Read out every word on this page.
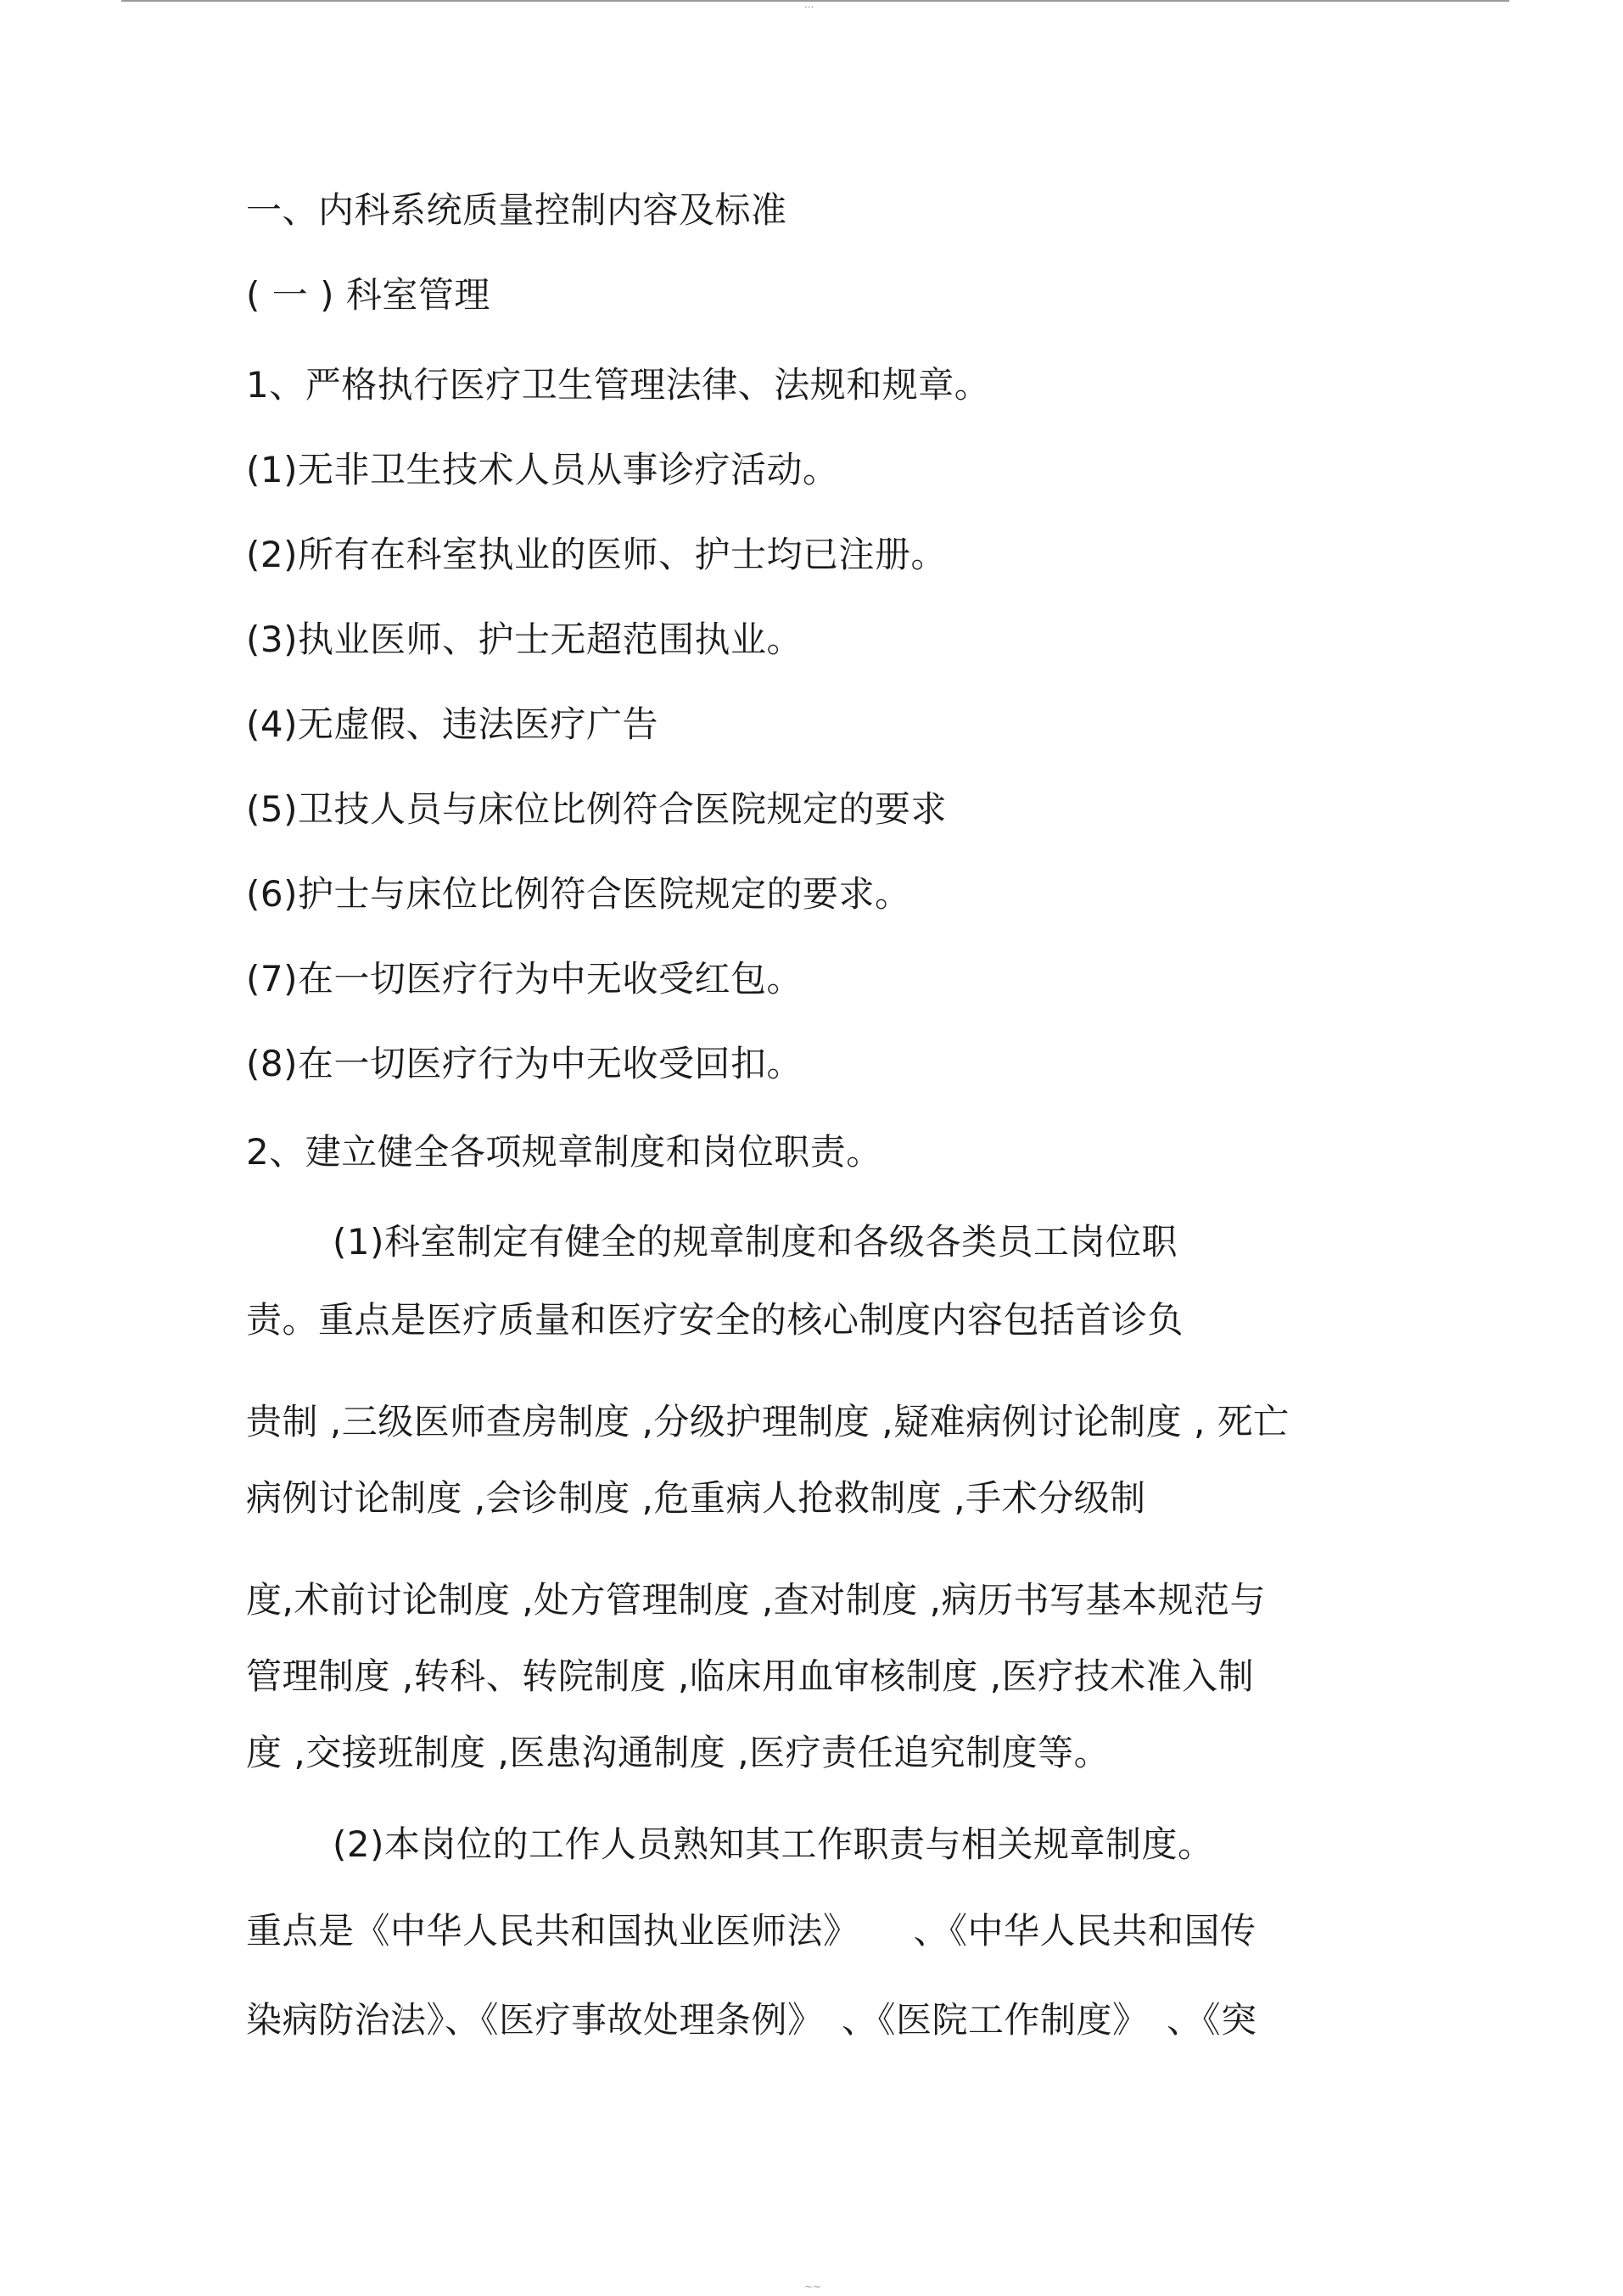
...
一、内科系统质量控制内容及标准
( 一 ) 科室管理
1、严格执行医疗卫生管理法律、法规和规章。
(1)无非卫生技术人员从事诊疗活动。
(2)所有在科室执业的医师、护士均已注册。
(3)执业医师、护士无超范围执业。
(4)无虚假、违法医疗广告
(5)卫技人员与床位比例符合医院规定的要求
(6)护士与床位比例符合医院规定的要求。
(7)在一切医疗行为中无收受红包。
(8)在一切医疗行为中无收受回扣。
2、建立健全各项规章制度和岗位职责。
(1)科室制定有健全的规章制度和各级各类员工岗位职
责。重点是医疗质量和医疗安全的核心制度内容包括首诊负
贵制 ,三级医师查房制度 ,分级护理制度 ,疑难病例讨论制度 , 死亡
病例讨论制度 ,会诊制度 ,危重病人抢救制度 ,手术分级制
度,术前讨论制度 ,处方管理制度 ,查对制度 ,病历书写基本规范与
管理制度 ,转科、转院制度 ,临床用血审核制度 ,医疗技术准入制
度 ,交接班制度 ,医患沟通制度 ,医疗责任追究制度等。
(2)本岗位的工作人员熟知其工作职责与相关规章制度。
重点是《中华人民共和国执业医师法》　　、《中华人民共和国传
染病防治法》、《医疗事故处理条例》　、《医院工作制度》　、《突
~~
